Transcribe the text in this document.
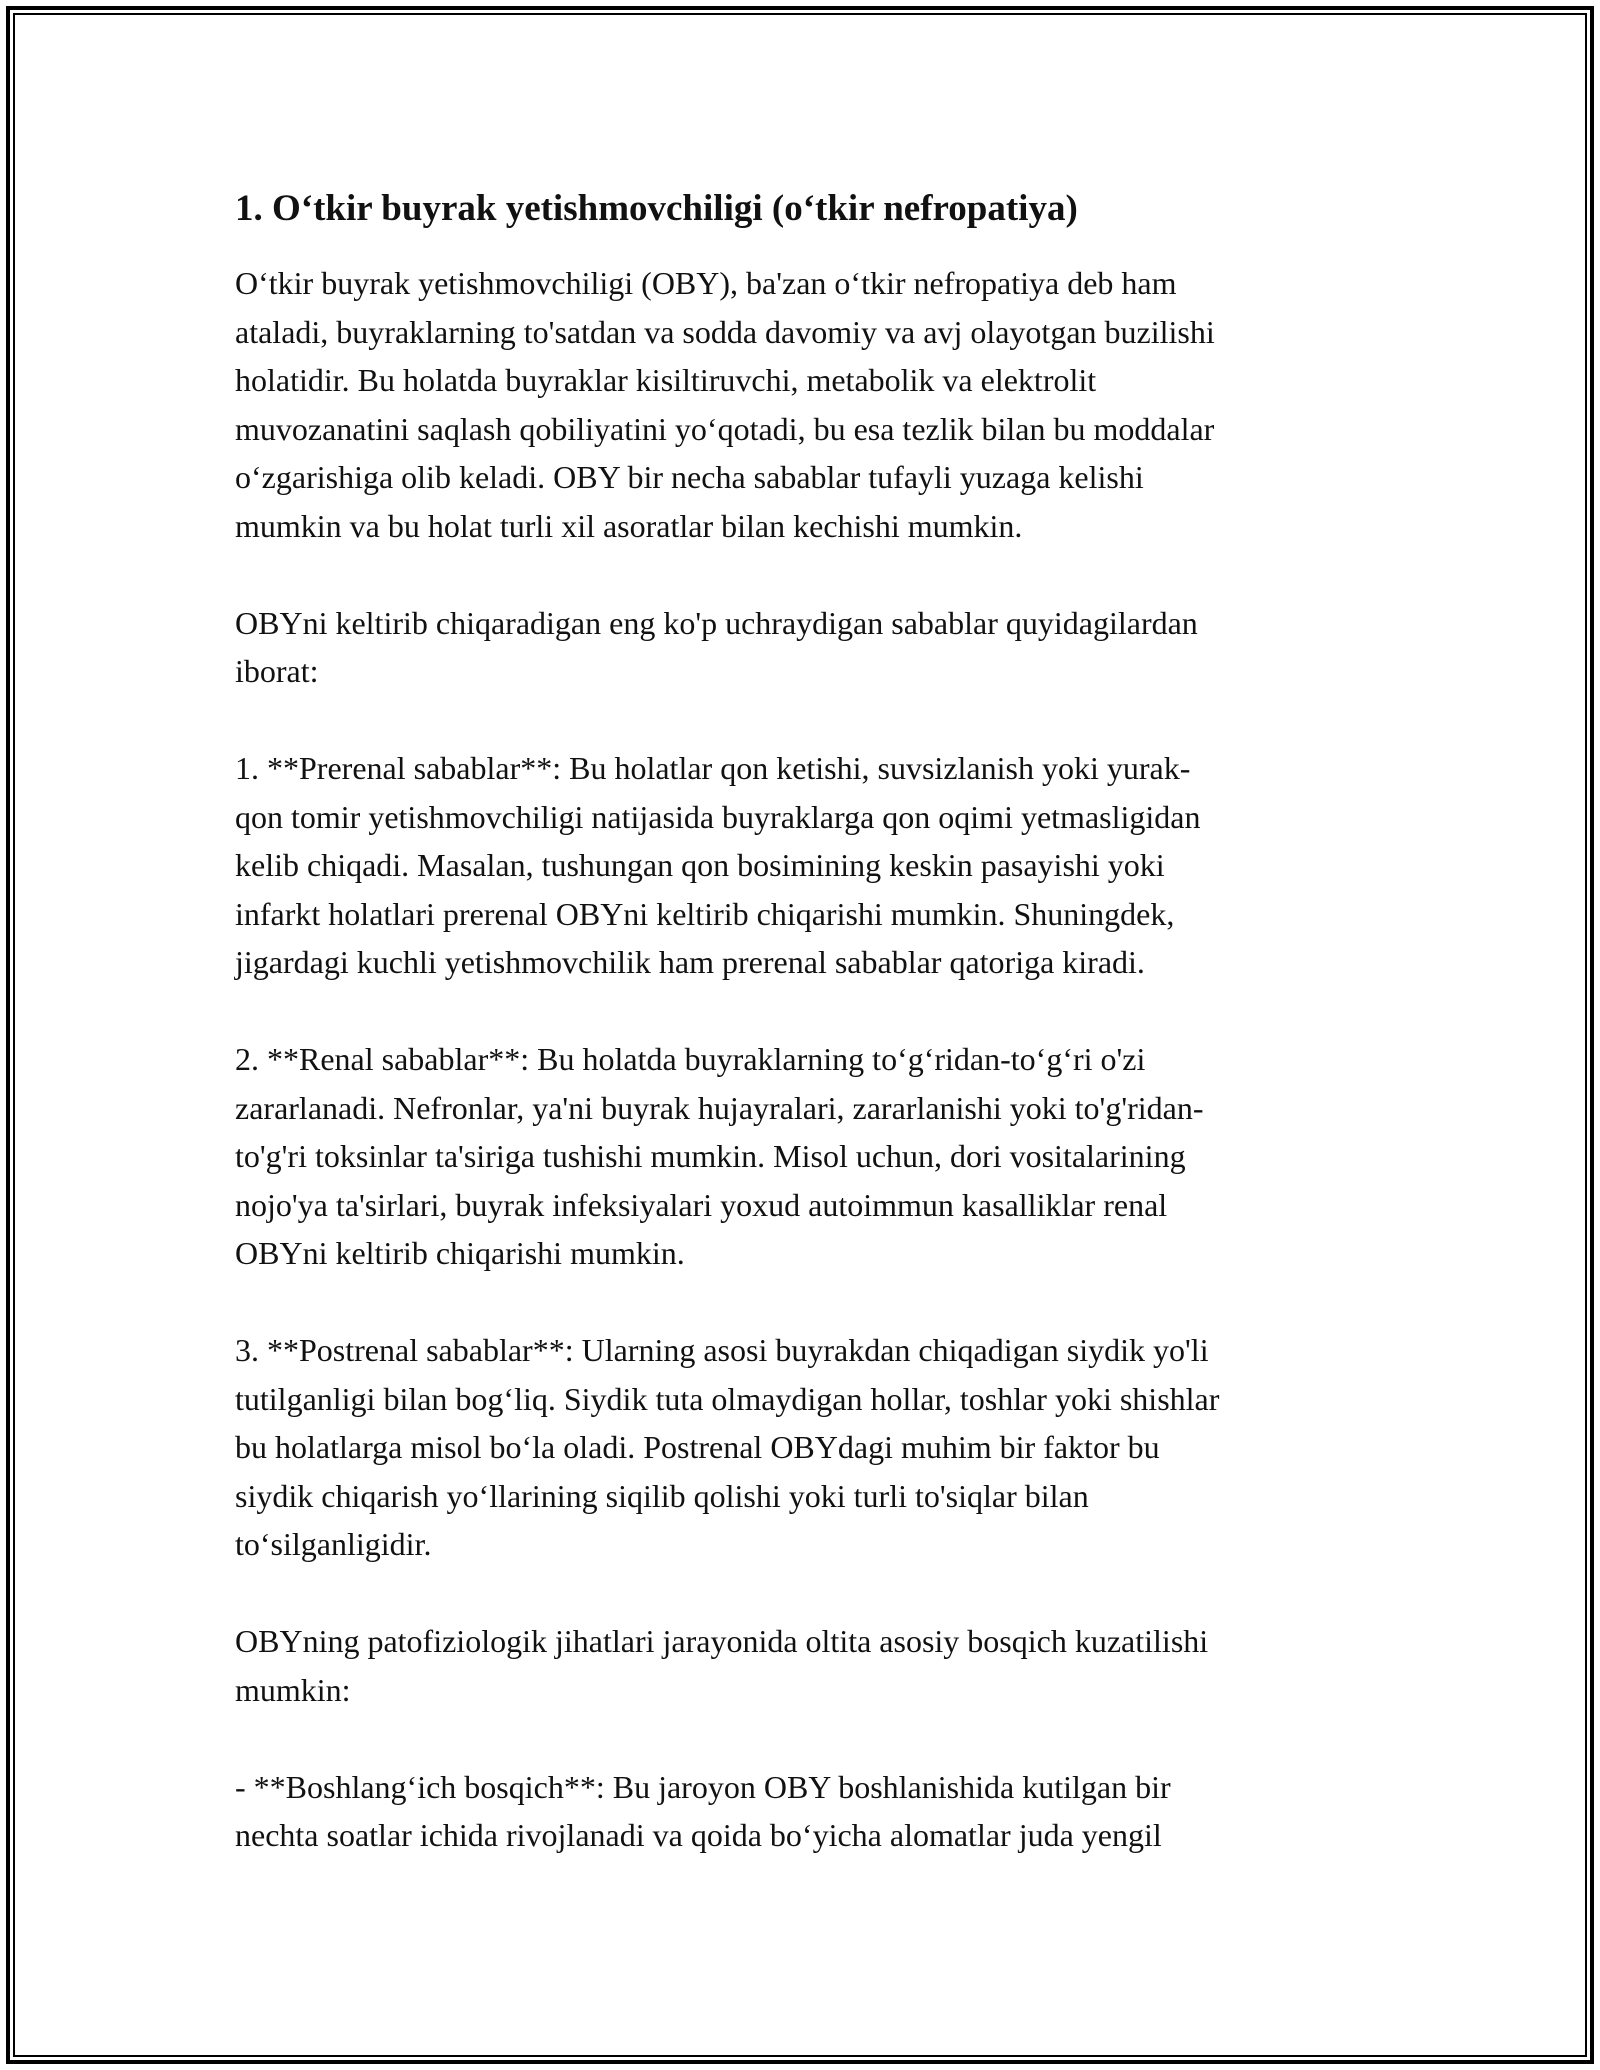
1. O‘tkir buyrak yetishmovchiligi (o‘tkir nefropatiya)

O‘tkir buyrak yetishmovchiligi (OBY), ba'zan o‘tkir nefropatiya deb ham
ataladi, buyraklarning to'satdan va sodda davomiy va avj olayotgan buzilishi
holatidir. Bu holatda buyraklar kisiltiruvchi, metabolik va elektrolit
muvozanatini saqlash qobiliyatini yo‘qotadi, bu esa tezlik bilan bu moddalar
o‘zgarishiga olib keladi. OBY bir necha sabablar tufayli yuzaga kelishi
mumkin va bu holat turli xil asoratlar bilan kechishi mumkin.

OBYni keltirib chiqaradigan eng ko'p uchraydigan sabablar quyidagilardan
iborat:

1. **Prerenal sabablar**: Bu holatlar qon ketishi, suvsizlanish yoki yurak-
qon tomir yetishmovchiligi natijasida buyraklarga qon oqimi yetmasligidan
kelib chiqadi. Masalan, tushungan qon bosimining keskin pasayishi yoki
infarkt holatlari prerenal OBYni keltirib chiqarishi mumkin. Shuningdek,
jigardagi kuchli yetishmovchilik ham prerenal sabablar qatoriga kiradi.

2. **Renal sabablar**: Bu holatda buyraklarning to‘g‘ridan-to‘g‘ri o'zi
zararlanadi. Nefronlar, ya'ni buyrak hujayralari, zararlanishi yoki to'g'ridan-
to'g'ri toksinlar ta'siriga tushishi mumkin. Misol uchun, dori vositalarining
nojo'ya ta'sirlari, buyrak infeksiyalari yoxud autoimmun kasalliklar renal
OBYni keltirib chiqarishi mumkin.

3. **Postrenal sabablar**: Ularning asosi buyrakdan chiqadigan siydik yo'li
tutilganligi bilan bog‘liq. Siydik tuta olmaydigan hollar, toshlar yoki shishlar
bu holatlarga misol bo‘la oladi. Postrenal OBYdagi muhim bir faktor bu
siydik chiqarish yo‘llarining siqilib qolishi yoki turli to'siqlar bilan
to‘silganligidir.

OBYning patofiziologik jihatlari jarayonida oltita asosiy bosqich kuzatilishi
mumkin:

- **Boshlang‘ich bosqich**: Bu jaroyon OBY boshlanishida kutilgan bir
nechta soatlar ichida rivojlanadi va qoida bo‘yicha alomatlar juda yengil
